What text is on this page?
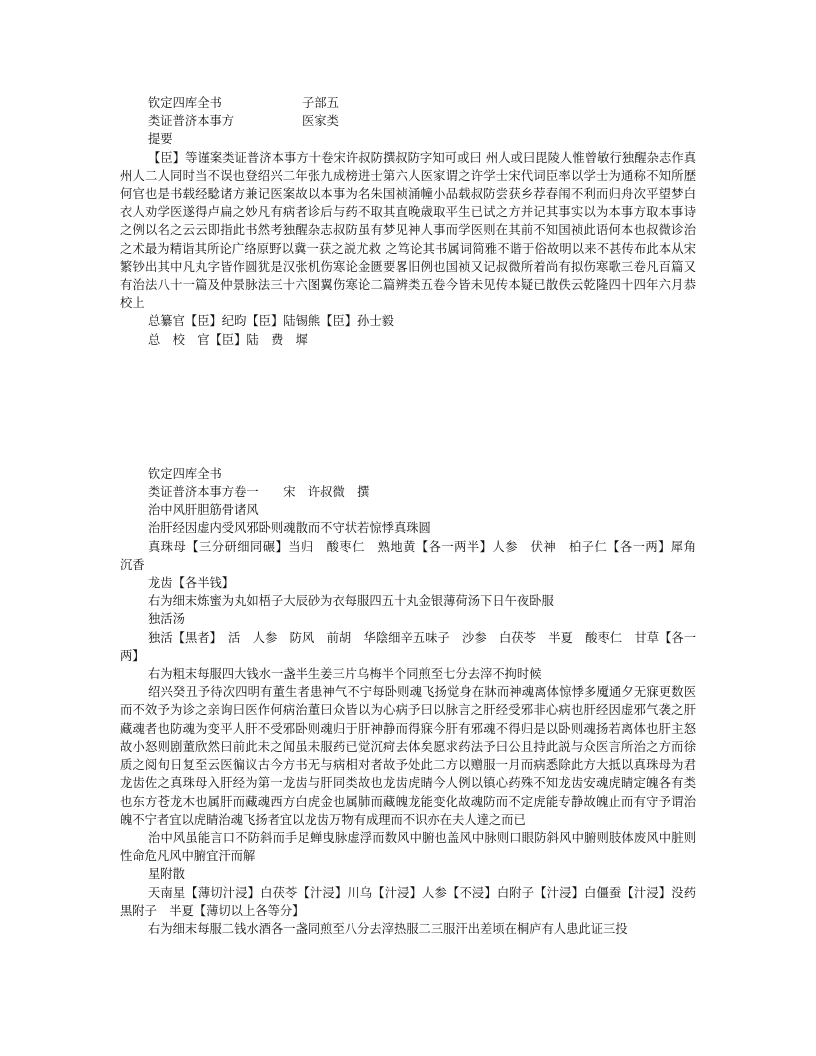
钦定四库全书	子部五
类证普济本事方	医家类
提要
【臣】等谨案类证普济本事方十卷宋许叔防撰叔防字知可或曰 州人或曰毘陵人惟曾敏行独醒杂志作真州人二人同时当不误也登绍兴二年张九成榜进士第六人医家谓之许学士宋代词臣率以学士为通称不知所歴何官也是书载经騐诸方兼记医案故以本事为名朱国祯涌幢小品载叔防尝获乡荐春闱不利而归舟次平望梦白衣人劝学医遂得卢扁之妙凡有病者诊后与药不取其直晚歳取平生已试之方并记其事实以为本事方取本事诗之例以名之云云即指此书然考独醒杂志叔防虽有梦见神人事而学医则在其前不知国祯此语何本也叔微诊治之术最为精诣其所论广络原野以冀一获之説尤救 之笃论其书属词简雅不谐于俗故明以来不甚传布此本从宋繁钞出其中凡丸字皆作圆犹是汉张机伤寒论金匮要畧旧例也国祯又记叔微所着尚有拟伤寒歌三卷凡百篇又有治法八十一篇及仲景脉法三十六图翼伤寒论二篇辨类五卷今皆未见传本疑已散佚云乾隆四十四年六月恭校上
总纂官【臣】纪昀【臣】陆锡熊【臣】孙士毅
总　校　官【臣】陆　费　墀
钦定四库全书
类证普济本事方卷一　　宋　许叔微　撰
治中风肝胆筋骨诸风
治肝经因虚内受风邪卧则魂散而不守状若惊悸真珠圆
真珠母【三分研细同碾】当归　酸枣仁　熟地黄【各一两半】人参　伏神　柏子仁【各一两】犀角　沉香
龙齿【各半钱】
右为细末炼蜜为丸如梧子大辰砂为衣每服四五十丸金银薄荷汤下日午夜卧服
独活汤
独活【黒者】　活　人参　防风　前胡　华陰细辛五味子　沙参　白茯苓　半夏　酸枣仁　甘草【各一两】
右为粗末每服四大钱水一盏半生姜三片乌梅半个同煎至七分去滓不拘时候
绍兴癸丑予待次四明有董生者患神气不宁每卧则魂飞扬觉身在牀而神魂离体惊悸多魇通夕无寐更数医而不效予为诊之亲询曰医作何病治董曰众皆以为心病予曰以脉言之肝经受邪非心病也肝经因虚邪气袭之肝藏魂者也防魂为变平人肝不受邪卧则魂归于肝神静而得寐今肝有邪魂不得归是以卧则魂扬若离体也肝主怒故小怒则剧董欣然曰前此未之闻虽未服药已觉沉疴去体矣愿求药法予曰公且持此説与众医言所治之方而徐质之阅旬日复至云医徧议古今方书无与病相对者故予处此二方以赠服一月而病悉除此方大抵以真珠母为君龙齿佐之真珠母入肝经为第一龙齿与肝同类故也龙齿虎睛今人例以镇心药殊不知龙齿安魂虎睛定魄各有类也东方苍龙木也属肝而藏魂西方白虎金也属肺而藏魄龙能变化故魂防而不定虎能专静故魄止而有守予谓治魄不宁者宜以虎睛治魂飞扬者宜以龙齿万物有成理而不识亦在夫人達之而已
治中风虽能言口不防斜而手足蝉曳脉虚浮而数风中腑也盖风中脉则口眼防斜风中腑则肢体废风中脏则性命危凡风中腑宜汗而解
星附散
天南星【薄切汁浸】白茯苓【汁浸】川乌【汁浸】人参【不浸】白附子【汁浸】白僵蚕【汁浸】没药　黒附子　半夏【薄切以上各等分】
右为细末每服二钱水酒各一盏同煎至八分去滓热服二三服汗出差顷在桐庐有人患此证三投
